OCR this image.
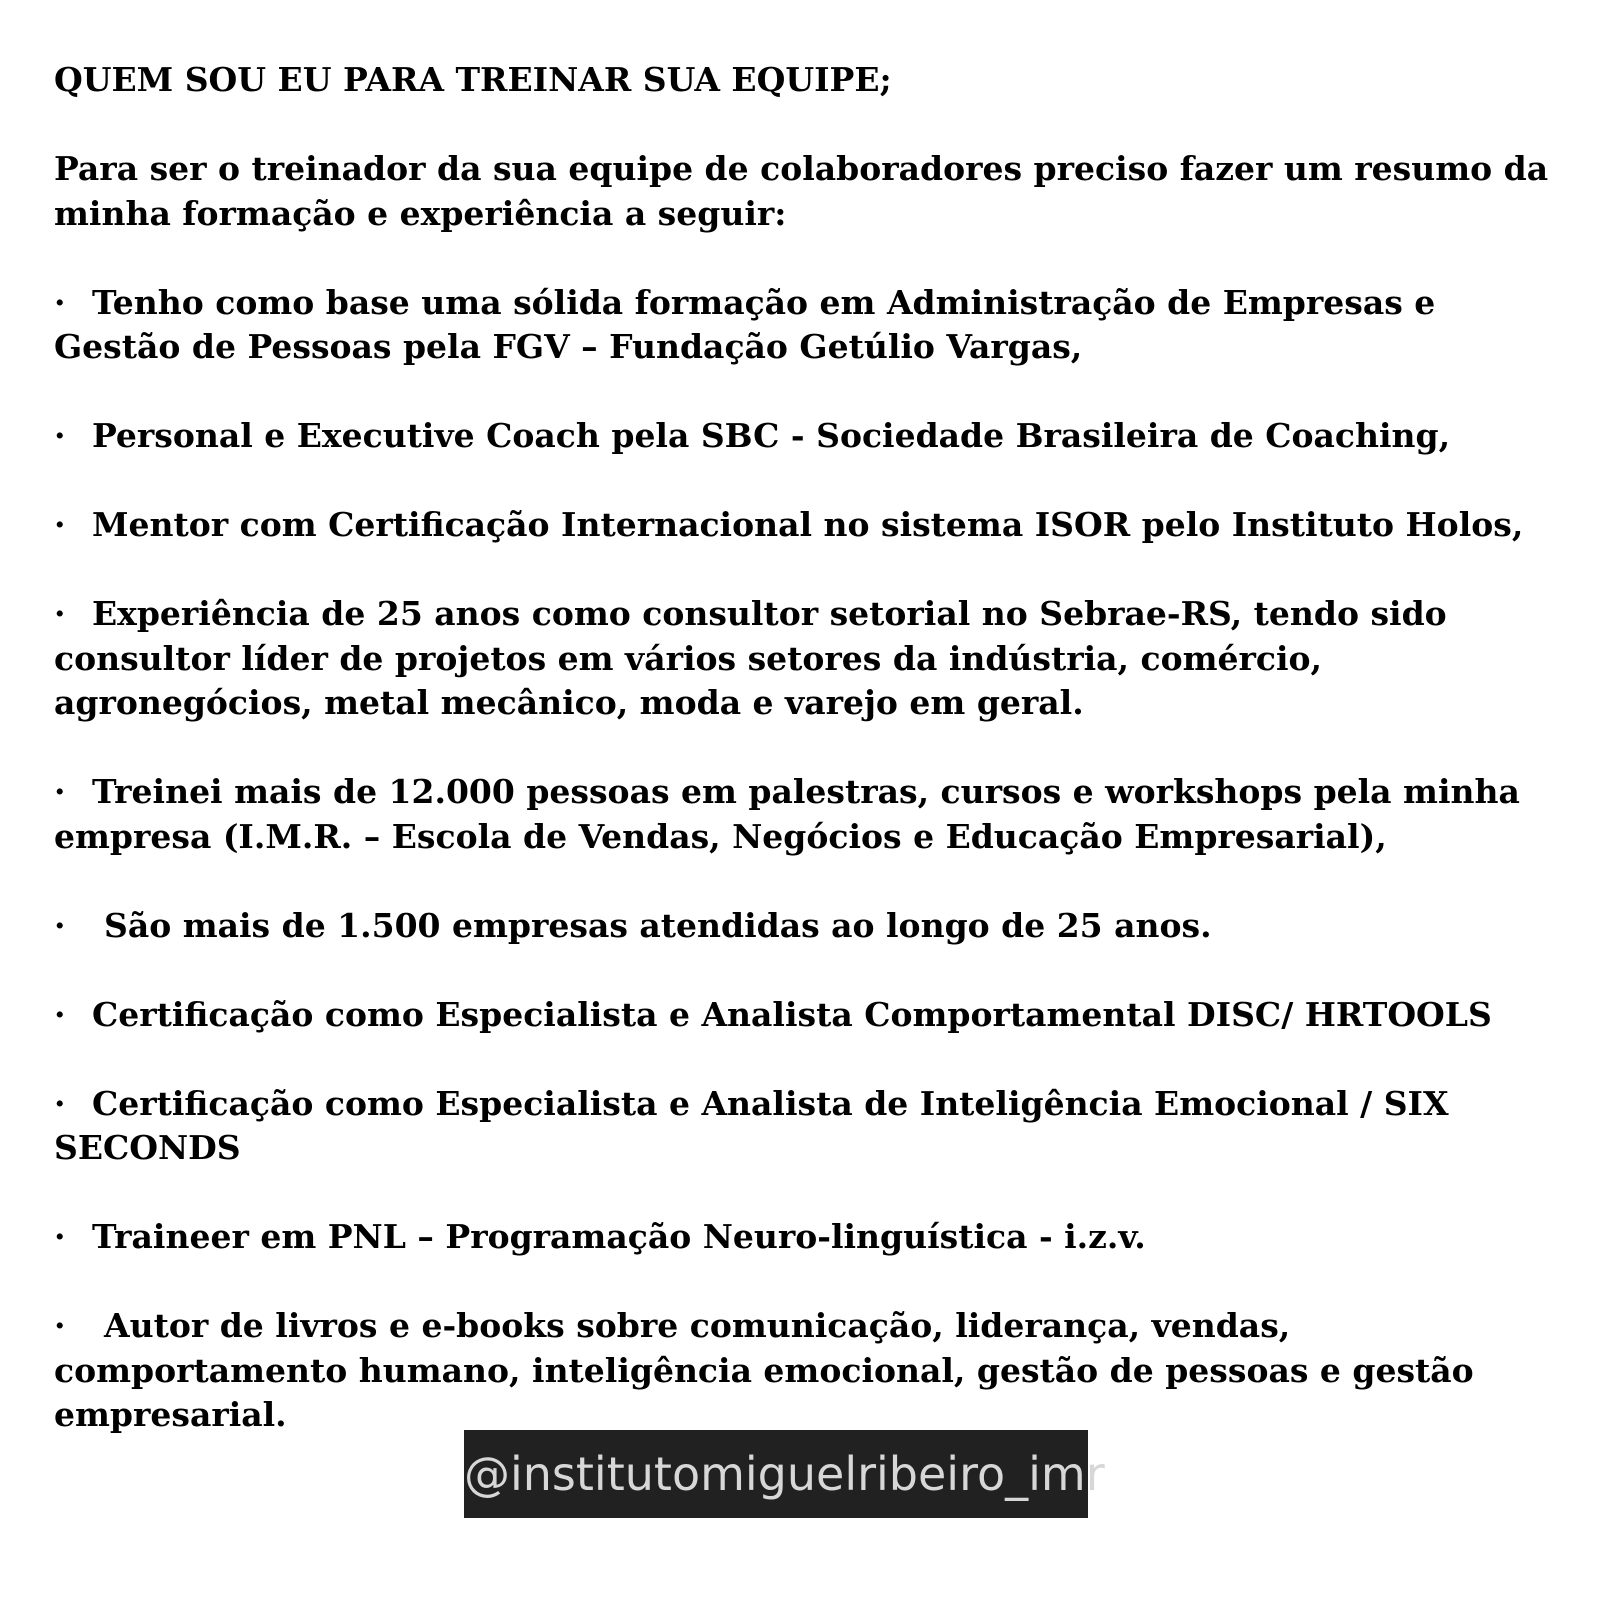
QUEM SOU EU PARA TREINAR SUA EQUIPE;

Para ser o treinador da sua equipe de colaboradores preciso fazer um resumo da minha formação e experiência a seguir:

· Tenho como base uma sólida formação em Administração de Empresas e Gestão de Pessoas pela FGV – Fundação Getúlio Vargas,
· Personal e Executive Coach pela SBC - Sociedade Brasileira de Coaching,
· Mentor com Certificação Internacional no sistema ISOR pelo Instituto Holos,
· Experiência de 25 anos como consultor setorial no Sebrae-RS, tendo sido consultor líder de projetos em vários setores da indústria, comércio, agronegócios, metal mecânico, moda e varejo em geral.
· Treinei mais de 12.000 pessoas em palestras, cursos e workshops pela minha empresa (I.M.R. – Escola de Vendas, Negócios e Educação Empresarial),
· São mais de 1.500 empresas atendidas ao longo de 25 anos.
· Certificação como Especialista e Analista Comportamental DISC/ HRTOOLS
· Certificação como Especialista e Analista de Inteligência Emocional / SIX SECONDS
· Traineer em PNL – Programação Neuro-linguística - i.z.v.
· Autor de livros e e-books sobre comunicação, liderança, vendas, comportamento humano, inteligência emocional, gestão de pessoas e gestão empresarial.
@institutomiguelribeiro_imr
